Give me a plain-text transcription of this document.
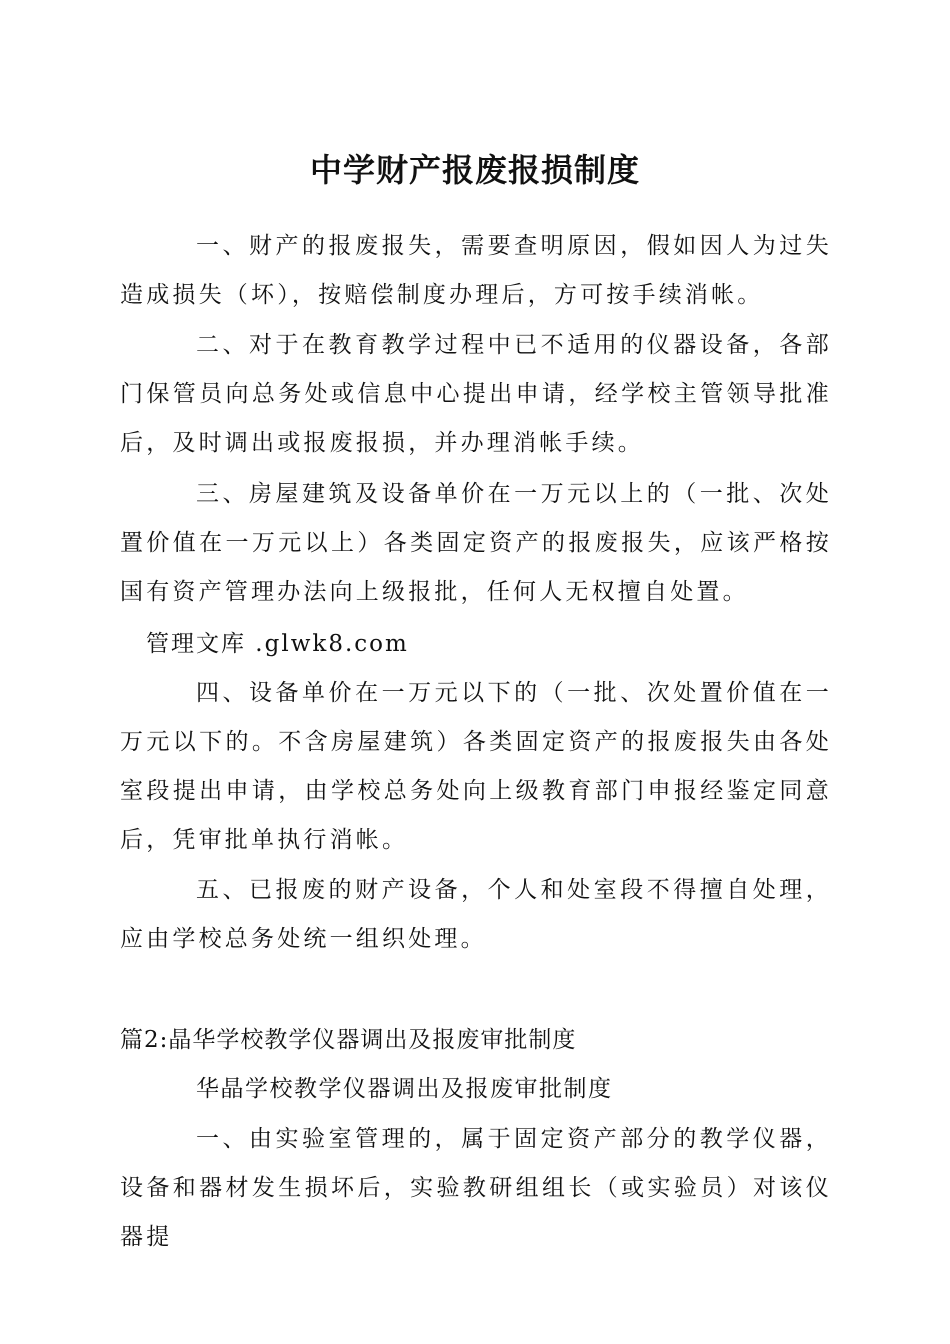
中学财产报废报损制度

一、财产的报废报失，需要查明原因，假如因人为过失造成损失（坏），按赔偿制度办理后，方可按手续消帐。

二、对于在教育教学过程中已不适用的仪器设备，各部门保管员向总务处或信息中心提出申请，经学校主管领导批准后，及时调出或报废报损，并办理消帐手续。

三、房屋建筑及设备单价在一万元以上的（一批、次处置价值在一万元以上）各类固定资产的报废报失，应该严格按国有资产管理办法向上级报批，任何人无权擅自处置。

管理文库 .glwk8.com

四、设备单价在一万元以下的（一批、次处置价值在一万元以下的。不含房屋建筑）各类固定资产的报废报失由各处室段提出申请，由学校总务处向上级教育部门申报经鉴定同意后，凭审批单执行消帐。

五、已报废的财产设备，个人和处室段不得擅自处理，应由学校总务处统一组织处理。

篇2:晶华学校教学仪器调出及报废审批制度

华晶学校教学仪器调出及报废审批制度

一、由实验室管理的，属于固定资产部分的教学仪器，设备和器材发生损坏后，实验教研组组长（或实验员）对该仪器提
